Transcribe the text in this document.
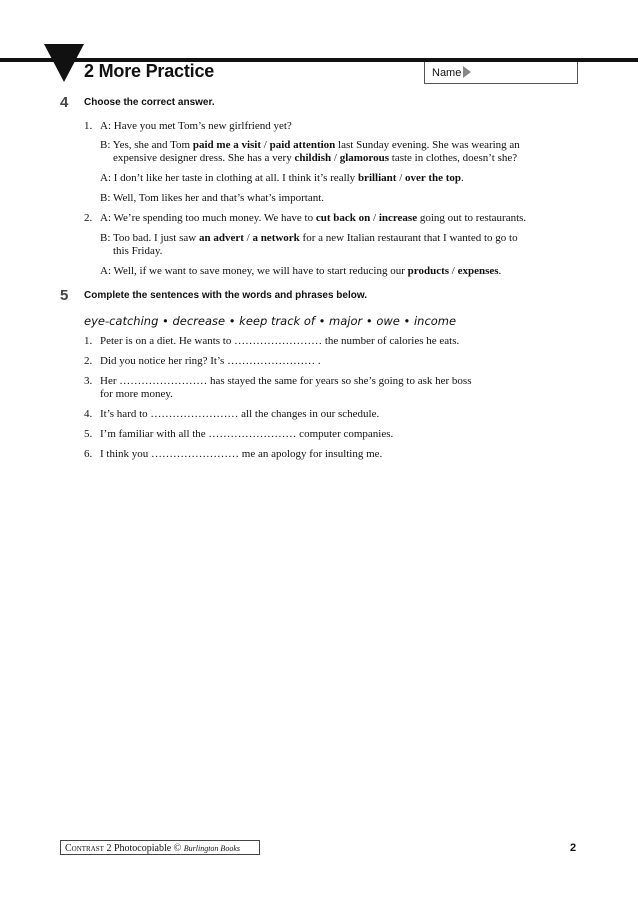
2 More Practice	Name
4 Choose the correct answer.
1. A: Have you met Tom’s new girlfriend yet?
B: Yes, she and Tom paid me a visit / paid attention last Sunday evening. She was wearing an
expensive designer dress. She has a very childish / glamorous taste in clothes, doesn’t she?
A: I don’t like her taste in clothing at all. I think it’s really brilliant / over the top.
B: Well, Tom likes her and that’s what’s important.
2. A: We’re spending too much money. We have to cut back on / increase going out to restaurants.
B: Too bad. I just saw an advert / a network for a new Italian restaurant that I wanted to go to
this Friday.
A: Well, if we want to save money, we will have to start reducing our products / expenses.
5 Complete the sentences with the words and phrases below.
eye-catching • decrease • keep track of • major • owe • income
1. Peter is on a diet. He wants to …………………… the number of calories he eats.
2. Did you notice her ring? It’s …………………… .
3. Her …………………… has stayed the same for years so she’s going to ask her boss
for more money.
4. It’s hard to …………………… all the changes in our schedule.
5. I’m familiar with all the …………………… computer companies.
6. I think you …………………… me an apology for insulting me.
Contrast 2 Photocopiable © Burlington Books	2
